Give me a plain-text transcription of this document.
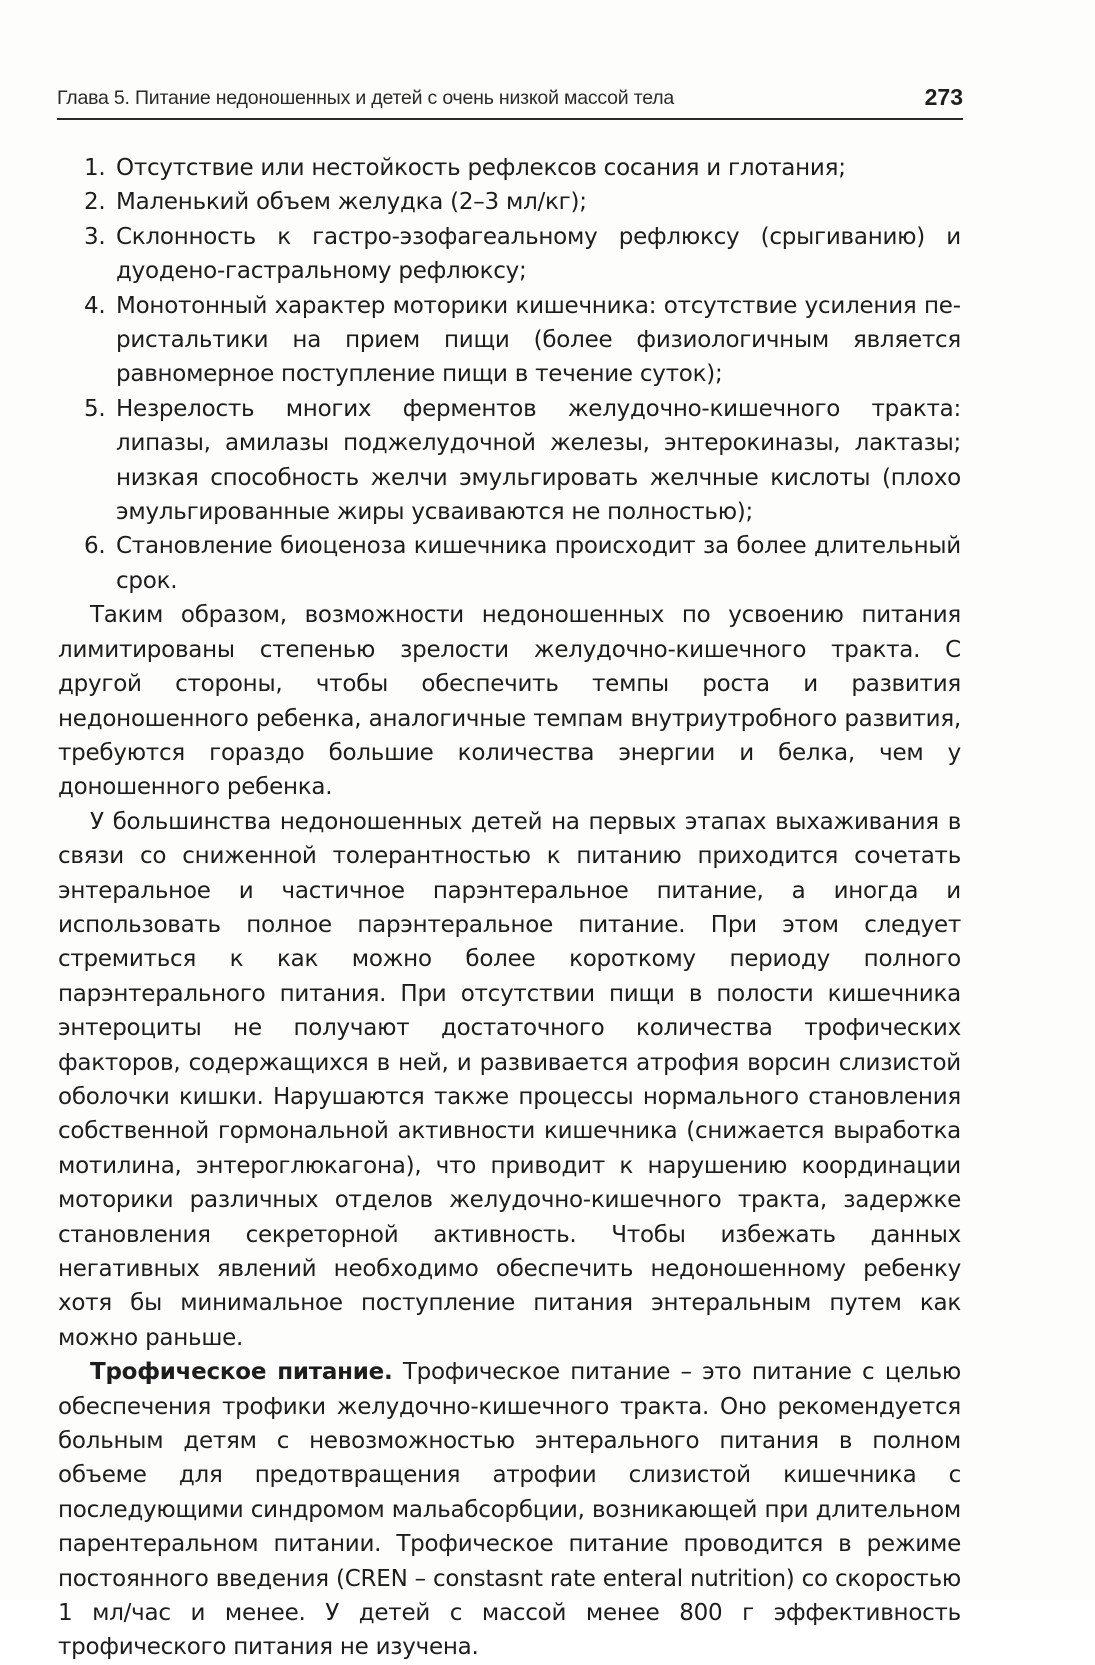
Глава 5. Питание недоношенных и детей с очень низкой массой тела	273
1. Отсутствие или нестойкость рефлексов сосания и глотания;
2. Маленький объем желудка (2–3 мл/кг);
3. Склонность к гастро-эзофагеальному рефлюксу (срыгиванию) и дуодено-гастральному рефлюксу;
4. Монотонный характер моторики кишечника: отсутствие усиления перистальтики на прием пищи (более физиологичным является равномерное поступление пищи в течение суток);
5. Незрелость многих ферментов желудочно-кишечного тракта: липазы, амилазы поджелудочной железы, энтерокиназы, лактазы; низкая способность желчи эмульгировать желчные кислоты (плохо эмульгированные жиры усваиваются не полностью);
6. Становление биоценоза кишечника происходит за более длительный срок.

Таким образом, возможности недоношенных по усвоению питания лимитированы степенью зрелости желудочно-кишечного тракта. С другой стороны, чтобы обеспечить темпы роста и развития недоношенного ребенка, аналогичные темпам внутриутробного развития, требуются гораздо большие количества энергии и белка, чем у доношенного ребенка.

У большинства недоношенных детей на первых этапах выхаживания в связи со сниженной толерантностью к питанию приходится сочетать энтеральное и частичное парэнтеральное питание, а иногда и использовать полное парэнтеральное питание. При этом следует стремиться к как можно более короткому периоду полного парэнтерального питания. При отсутствии пищи в полости кишечника энтероциты не получают достаточного количества трофических факторов, содержащихся в ней, и развивается атрофия ворсин слизистой оболочки кишки. Нарушаются также процессы нормального становления собственной гормональной активности кишечника (снижается выработка мотилина, энтероглюкагона), что приводит к нарушению координации моторики различных отделов желудочно-кишечного тракта, задержке становления секреторной активность. Чтобы избежать данных негативных явлений необходимо обеспечить недоношенному ребенку хотя бы минимальное поступление питания энтеральным путем как можно раньше.

Трофическое питание. Трофическое питание – это питание с целью обеспечения трофики желудочно-кишечного тракта. Оно рекомендуется больным детям с невозможностью энтерального питания в полном объеме для предотвращения атрофии слизистой кишечника с последующими синдромом мальабсорбции, возникающей при длительном парентеральном питании. Трофическое питание проводится в режиме постоянного введения (CREN – constasnt rate enteral nutrition) со скоростью 1 мл/час и менее. У детей с массой менее 800 г эффективность трофического питания не изучена.
